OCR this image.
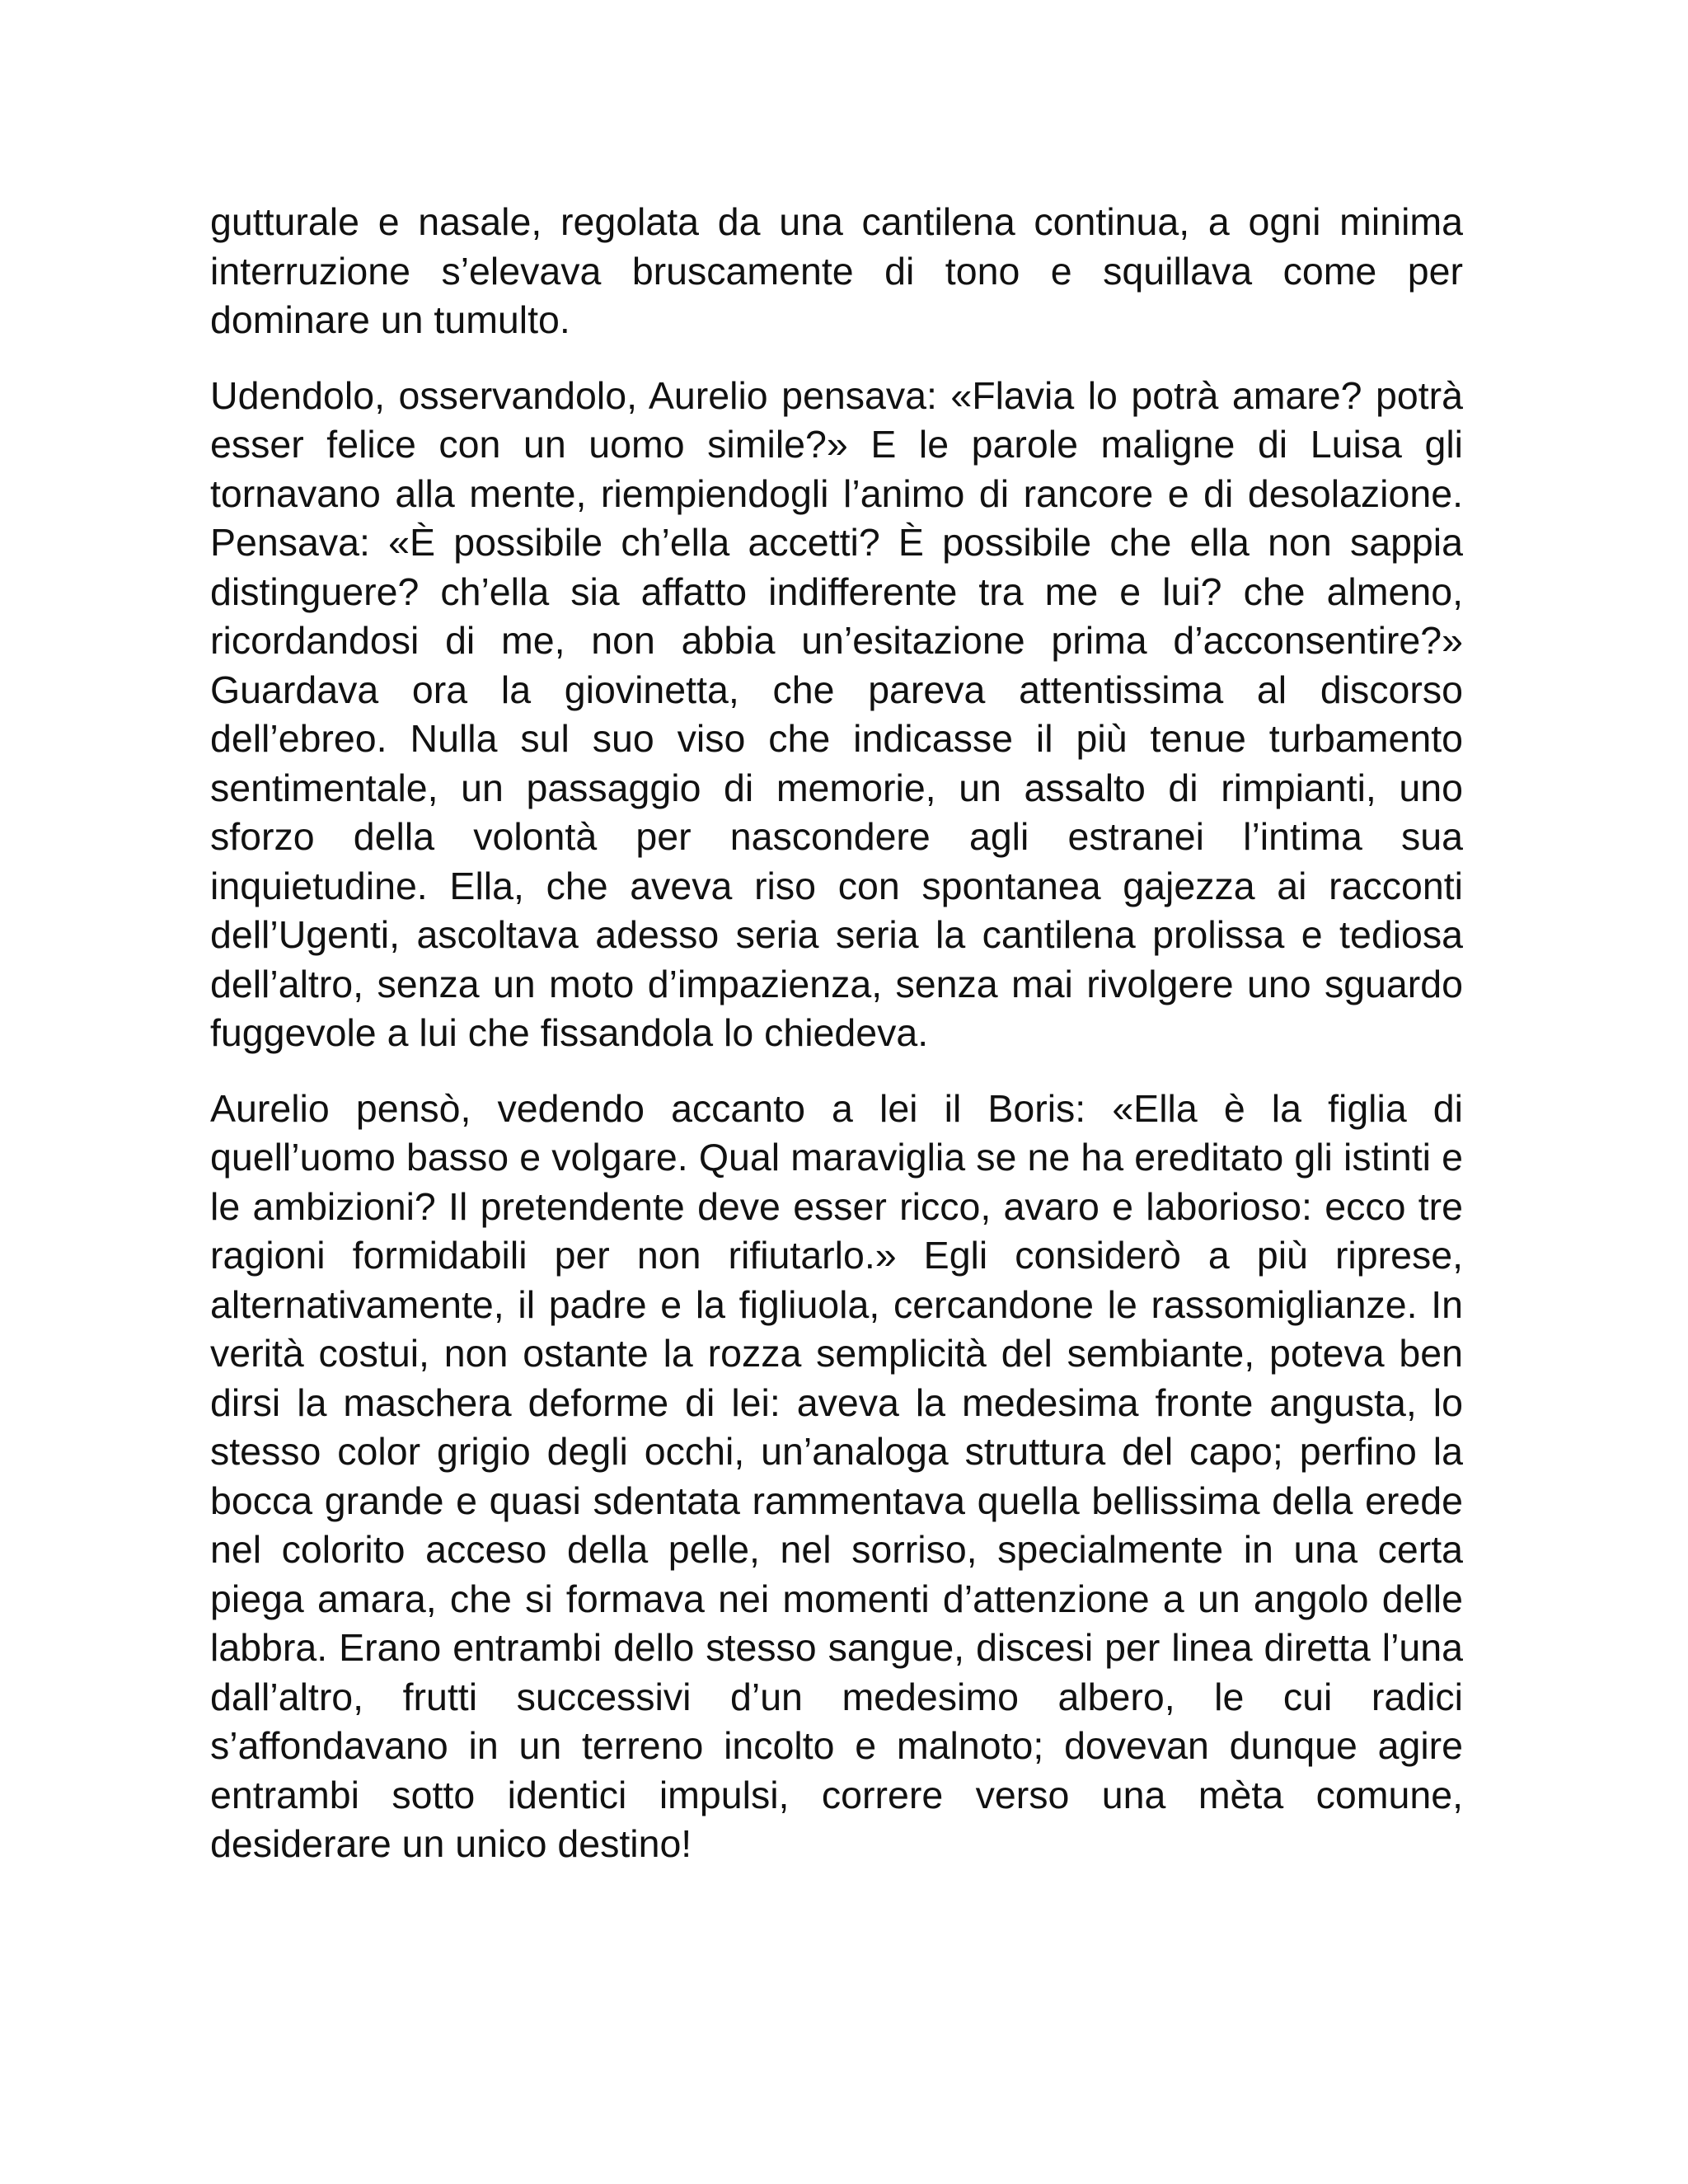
gutturale e nasale, regolata da una cantilena continua, a ogni minima interruzione s’elevava bruscamente di tono e squillava come per dominare un tumulto.

Udendolo, osservandolo, Aurelio pensava: «Flavia lo potrà amare? potrà esser felice con un uomo simile?» E le parole maligne di Luisa gli tornavano alla mente, riempiendogli l’animo di rancore e di desolazione. Pensava: «È possibile ch’ella accetti? È possibile che ella non sappia distinguere? ch’ella sia affatto indifferente tra me e lui? che almeno, ricordandosi di me, non abbia un’esitazione prima d’acconsentire?» Guardava ora la giovinetta, che pareva attentissima al discorso dell’ebreo. Nulla sul suo viso che indicasse il più tenue turbamento sentimentale, un passaggio di memorie, un assalto di rimpianti, uno sforzo della volontà per nascondere agli estranei l’intima sua inquietudine. Ella, che aveva riso con spontanea gajezza ai racconti dell’Ugenti, ascoltava adesso seria seria la cantilena prolissa e tediosa dell’altro, senza un moto d’impazienza, senza mai rivolgere uno sguardo fuggevole a lui che fissandola lo chiedeva.

Aurelio pensò, vedendo accanto a lei il Boris: «Ella è la figlia di quell’uomo basso e volgare. Qual maraviglia se ne ha ereditato gli istinti e le ambizioni? Il pretendente deve esser ricco, avaro e laborioso: ecco tre ragioni formidabili per non rifiutarlo.» Egli considerò a più riprese, alternativamente, il padre e la figliuola, cercandone le rassomiglianze. In verità costui, non ostante la rozza semplicità del sembiante, poteva ben dirsi la maschera deforme di lei: aveva la medesima fronte angusta, lo stesso color grigio degli occhi, un’analoga struttura del capo; perfino la bocca grande e quasi sdentata rammentava quella bellissima della erede nel colorito acceso della pelle, nel sorriso, specialmente in una certa piega amara, che si formava nei momenti d’attenzione a un angolo delle labbra. Erano entrambi dello stesso sangue, discesi per linea diretta l’una dall’altro, frutti successivi d’un medesimo albero, le cui radici s’affondavano in un terreno incolto e malnoto; dovevan dunque agire entrambi sotto identici impulsi, correre verso una mèta comune, desiderare un unico destino!
